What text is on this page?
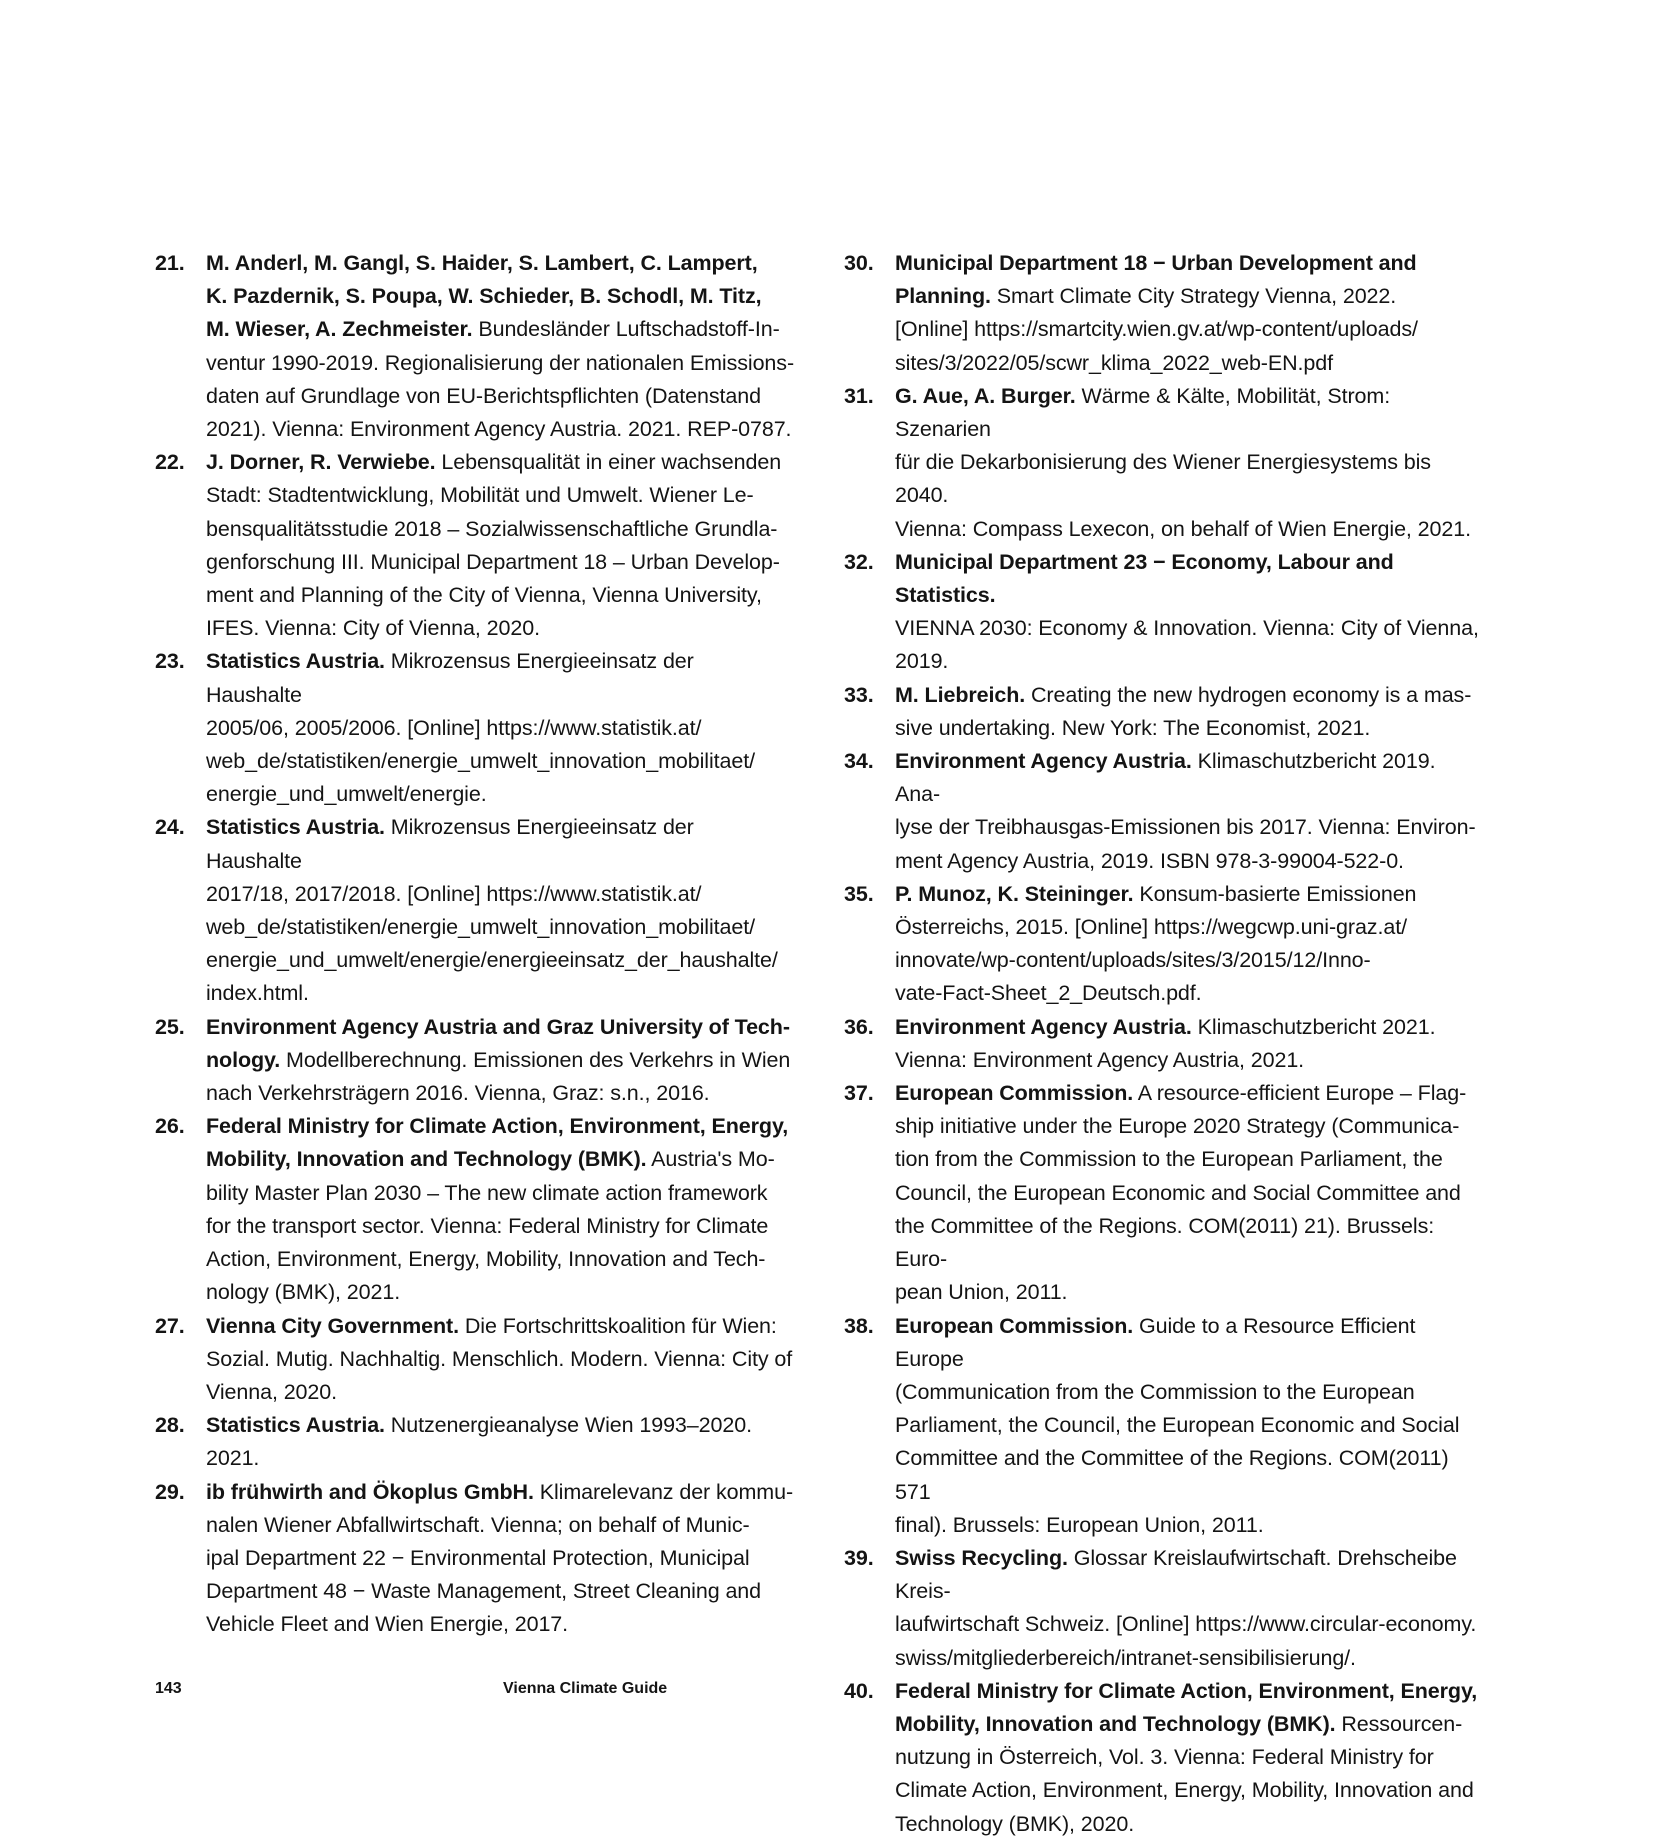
21. M. Anderl, M. Gangl, S. Haider, S. Lambert, C. Lampert,
K. Pazdernik, S. Poupa, W. Schieder, B. Schodl, M. Titz,
M. Wieser, A. Zechmeister. Bundesländer Luftschadstoff-In-
ventur 1990-2019. Regionalisierung der nationalen Emissions-
daten auf Grundlage von EU-Berichtspflichten (Datenstand
2021). Vienna: Environment Agency Austria. 2021. REP-0787.
22. J. Dorner, R. Verwiebe. Lebensqualität in einer wachsenden
Stadt: Stadtentwicklung, Mobilität und Umwelt. Wiener Le-
bensqualitätsstudie 2018 – Sozialwissenschaftliche Grundla-
genforschung III. Municipal Department 18 – Urban Develop-
ment and Planning of the City of Vienna, Vienna University,
IFES. Vienna: City of Vienna, 2020.
23. Statistics Austria. Mikrozensus Energieeinsatz der Haushalte
2005/06, 2005/2006. [Online] https://www.statistik.at/
web_de/statistiken/energie_umwelt_innovation_mobilitaet/
energie_und_umwelt/energie.
24. Statistics Austria. Mikrozensus Energieeinsatz der Haushalte
2017/18, 2017/2018. [Online] https://www.statistik.at/
web_de/statistiken/energie_umwelt_innovation_mobilitaet/
energie_und_umwelt/energie/energieeinsatz_der_haushalte/
index.html.
25. Environment Agency Austria and Graz University of Tech-
nology. Modellberechnung. Emissionen des Verkehrs in Wien
nach Verkehrsträgern 2016. Vienna, Graz: s.n., 2016.
26. Federal Ministry for Climate Action, Environment, Energy,
Mobility, Innovation and Technology (BMK). Austria's Mo-
bility Master Plan 2030 – The new climate action framework
for the transport sector. Vienna: Federal Ministry for Climate
Action, Environment, Energy, Mobility, Innovation and Tech-
nology (BMK), 2021.
27. Vienna City Government. Die Fortschrittskoalition für Wien:
Sozial. Mutig. Nachhaltig. Menschlich. Modern. Vienna: City of
Vienna, 2020.
28. Statistics Austria. Nutzenergieanalyse Wien 1993–2020. 2021.
29. ib frühwirth and Ökoplus GmbH. Klimarelevanz der kommu-
nalen Wiener Abfallwirtschaft. Vienna; on behalf of Munic-
ipal Department 22 − Environmental Protection, Municipal
Department 48 − Waste Management, Street Cleaning and
Vehicle Fleet and Wien Energie, 2017.
30. Municipal Department 18 − Urban Development and
Planning. Smart Climate City Strategy Vienna, 2022.
[Online] https://smartcity.wien.gv.at/wp-content/uploads/
sites/3/2022/05/scwr_klima_2022_web-EN.pdf
31. G. Aue, A. Burger. Wärme & Kälte, Mobilität, Strom: Szenarien
für die Dekarbonisierung des Wiener Energiesystems bis 2040.
Vienna: Compass Lexecon, on behalf of Wien Energie, 2021.
32. Municipal Department 23 − Economy, Labour and Statistics.
VIENNA 2030: Economy & Innovation. Vienna: City of Vienna,
2019.
33. M. Liebreich. Creating the new hydrogen economy is a mas-
sive undertaking. New York: The Economist, 2021.
34. Environment Agency Austria. Klimaschutzbericht 2019. Ana-
lyse der Treibhausgas-Emissionen bis 2017. Vienna: Environ-
ment Agency Austria, 2019. ISBN 978-3-99004-522-0.
35. P. Munoz, K. Steininger. Konsum-basierte Emissionen
Österreichs, 2015. [Online] https://wegcwp.uni-graz.at/
innovate/wp-content/uploads/sites/3/2015/12/Inno-
vate-Fact-Sheet_2_Deutsch.pdf.
36. Environment Agency Austria. Klimaschutzbericht 2021.
Vienna: Environment Agency Austria, 2021.
37. European Commission. A resource-efficient Europe – Flag-
ship initiative under the Europe 2020 Strategy (Communica-
tion from the Commission to the European Parliament, the
Council, the European Economic and Social Committee and
the Committee of the Regions. COM(2011) 21). Brussels: Euro-
pean Union, 2011.
38. European Commission. Guide to a Resource Efficient Europe
(Communication from the Commission to the European
Parliament, the Council, the European Economic and Social
Committee and the Committee of the Regions. COM(2011) 571
final). Brussels: European Union, 2011.
39. Swiss Recycling. Glossar Kreislaufwirtschaft. Drehscheibe Kreis-
laufwirtschaft Schweiz. [Online] https://www.circular-economy.
swiss/mitgliederbereich/intranet-sensibilisierung/.
40. Federal Ministry for Climate Action, Environment, Energy,
Mobility, Innovation and Technology (BMK). Ressourcen-
nutzung in Österreich, Vol. 3. Vienna: Federal Ministry for
Climate Action, Environment, Energy, Mobility, Innovation and
Technology (BMK), 2020.
143	Vienna Climate Guide
